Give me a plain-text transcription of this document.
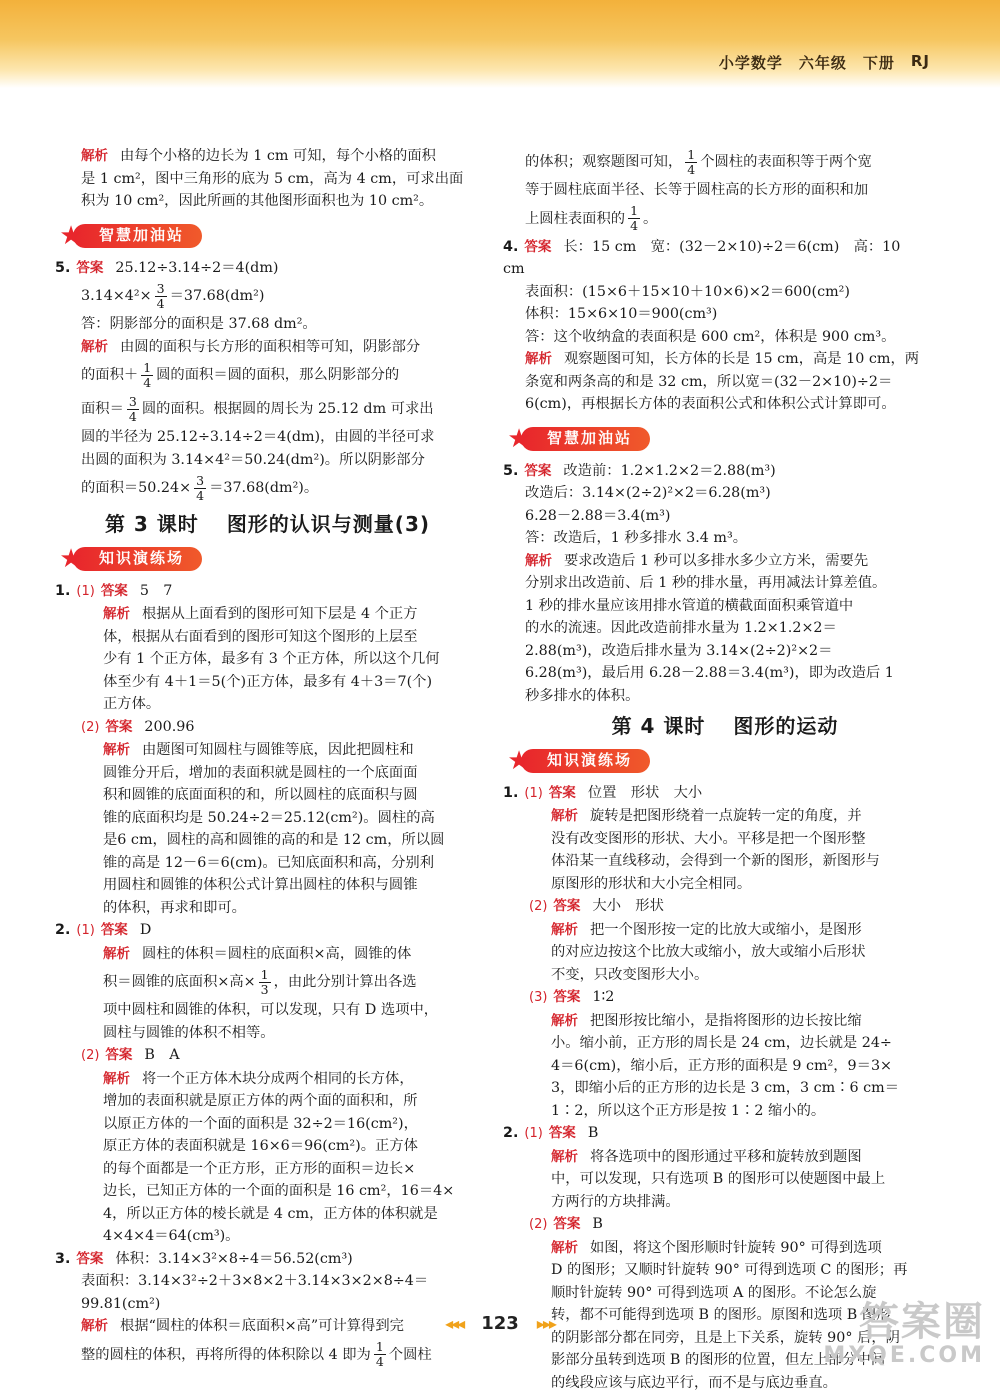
小学数学 六年级 下册 RJ

解析 由每个小格的边长为 1 cm 可知，每个小格的面积

是 1 cm²，图中三角形的底为 5 cm，高为 4 cm，可求出面

积为 10 cm²，因此所画的其他图形面积也为 10 cm²。

★	智慧加油站

5. 答案 25.12÷3.14÷2＝4(dm)

$3.14\times 4^2\times \frac{3}{4} =37.68(dm^2)$

答：阴影部分的面积是 37.68 dm²。

解析 由圆的面积与长方形的面积相等可知，阴影部分

的面积＋ $\frac{1}{4}$ 圆的面积＝圆的面积，那么阴影部分的

面积＝ $\frac{3}{4}$ 圆的面积。根据圆的周长为 25.12 dm 可求出

圆的半径为 25.12÷3.14÷2＝4(dm)，由圆的半径可求

出圆的面积为 3.14×4²＝50.24(dm²)。所以阴影部分

的面积$=50.24\times \frac{3}{4} =37.68(dm^2)$。

第 3 课时 图形的认识与测量(3)
★	知识演练场

1. (1) 答案 5　7

解析 根据从上面看到的图形可知下层是 4 个正方

体，根据从右面看到的图形可知这个图形的上层至

少有 1 个正方体，最多有 3 个正方体，所以这个几何

体至少有 4＋1＝5(个)正方体，最多有 4＋3＝7(个)

正方体。

(2) 答案 200.96

解析 由题图可知圆柱与圆锥等底，因此把圆柱和

圆锥分开后，增加的表面积就是圆柱的一个底面面

积和圆锥的底面面积的和，所以圆柱的底面积与圆

锥的底面积均是 50.24÷2＝25.12(cm²)。圆柱的高

是6 cm，圆柱的高和圆锥的高的和是 12 cm，所以圆

锥的高是 12－6＝6(cm)。已知底面积和高，分别利

用圆柱和圆锥的体积公式计算出圆柱的体积与圆锥

的体积，再求和即可。

2. (1) 答案 D

解析 圆柱的体积＝圆柱的底面积×高，圆锥的体

积＝圆锥的底面积×高× $\frac{1}{3}$ ，由此分别计算出各选

项中圆柱和圆锥的体积，可以发现，只有 D 选项中，

圆柱与圆锥的体积不相等。

(2) 答案 B　A

解析 将一个正方体木块分成两个相同的长方体，

增加的表面积就是原正方体的两个面的面积和，所

以原正方体的一个面的面积是 32÷2＝16(cm²)，

原正方体的表面积就是 16×6＝96(cm²)。正方体

的每个面都是一个正方形，正方形的面积＝边长×

边长，已知正方体的一个面的面积是 16 cm²，16＝4×

4，所以正方体的棱长就是 4 cm，正方体的体积就是

4×4×4＝64(cm³)。

3. 答案 体积：3.14×3²×8÷4＝56.52(cm³)

表面积：3.14×3²÷2＋3×8×2＋3.14×3×2×8÷4＝

99.81(cm²)

解析 根据“圆柱的体积＝底面积×高”可计算得到完

整的圆柱的体积，再将所得的体积除以 4 即为 $\frac{1}{4}$ 个圆柱

的体积；观察题图可知， $\frac{1}{4}$ 个圆柱的表面积等于两个宽

等于圆柱底面半径、长等于圆柱高的长方形的面积和加

上圆柱表面积的 $\frac{1}{4}$ 。

4. 答案 长：15 cm　宽：(32－2×10)÷2＝6(cm)　高：10 cm

表面积：(15×6＋15×10＋10×6)×2＝600(cm²)

体积：15×6×10＝900(cm³)

答：这个收纳盒的表面积是 600 cm²，体积是 900 cm³。

解析 观察题图可知，长方体的长是 15 cm，高是 10 cm，两

条宽和两条高的和是 32 cm，所以宽＝(32－2×10)÷2＝

6(cm)，再根据长方体的表面积公式和体积公式计算即可。

★	智慧加油站

5. 答案 改造前：1.2×1.2×2＝2.88(m³)

改造后：3.14×(2÷2)²×2＝6.28(m³)

6.28－2.88＝3.4(m³)

答：改造后，1 秒多排水 3.4 m³。

解析 要求改造后 1 秒可以多排水多少立方米，需要先

分别求出改造前、后 1 秒的排水量，再用减法计算差值。

1 秒的排水量应该用排水管道的横截面面积乘管道中

的水的流速。因此改造前排水量为 1.2×1.2×2＝

2.88(m³)，改造后排水量为 3.14×(2÷2)²×2＝

6.28(m³)，最后用 6.28－2.88＝3.4(m³)，即为改造后 1

秒多排水的体积。

第 4 课时 图形的运动
★	知识演练场

1. (1) 答案 位置　形状　大小

解析 旋转是把图形绕着一点旋转一定的角度，并

没有改变图形的形状、大小。平移是把一个图形整

体沿某一直线移动，会得到一个新的图形，新图形与

原图形的形状和大小完全相同。

(2) 答案 大小　形状

解析 把一个图形按一定的比放大或缩小，是图形

的对应边按这个比放大或缩小，放大或缩小后形状

不变，只改变图形大小。

(3) 答案 1∶2

解析 把图形按比缩小，是指将图形的边长按比缩

小。缩小前，正方形的周长是 24 cm，边长就是 24÷

4＝6(cm)，缩小后，正方形的面积是 9 cm²，9＝3×

3，即缩小后的正方形的边长是 3 cm，3 cm∶6 cm＝

1∶2，所以这个正方形是按 1∶2 缩小的。

2. (1) 答案 B

解析 将各选项中的图形通过平移和旋转放到题图

中，可以发现，只有选项 B 的图形可以使题图中最上

方两行的方块排满。

(2) 答案 B

解析 如图，将这个图形顺时针旋转 90° 可得到选项

D 的图形；又顺时针旋转 90° 可得到选项 C 的图形；再

顺时针旋转 90° 可得到选项 A 的图形。不论怎么旋

转，都不可能得到选项 B 的图形。原图和选项 B 图形

的阴影部分都在同旁，且是上下关系，旋转 90° 后，阴

影部分虽转到选项 B 的图形的位置，但左上部分中间

的线段应该与底边平行，而不是与底边垂直。

◂◂◂ 123 ▸▸▸	答案圈
MXQE.COM
